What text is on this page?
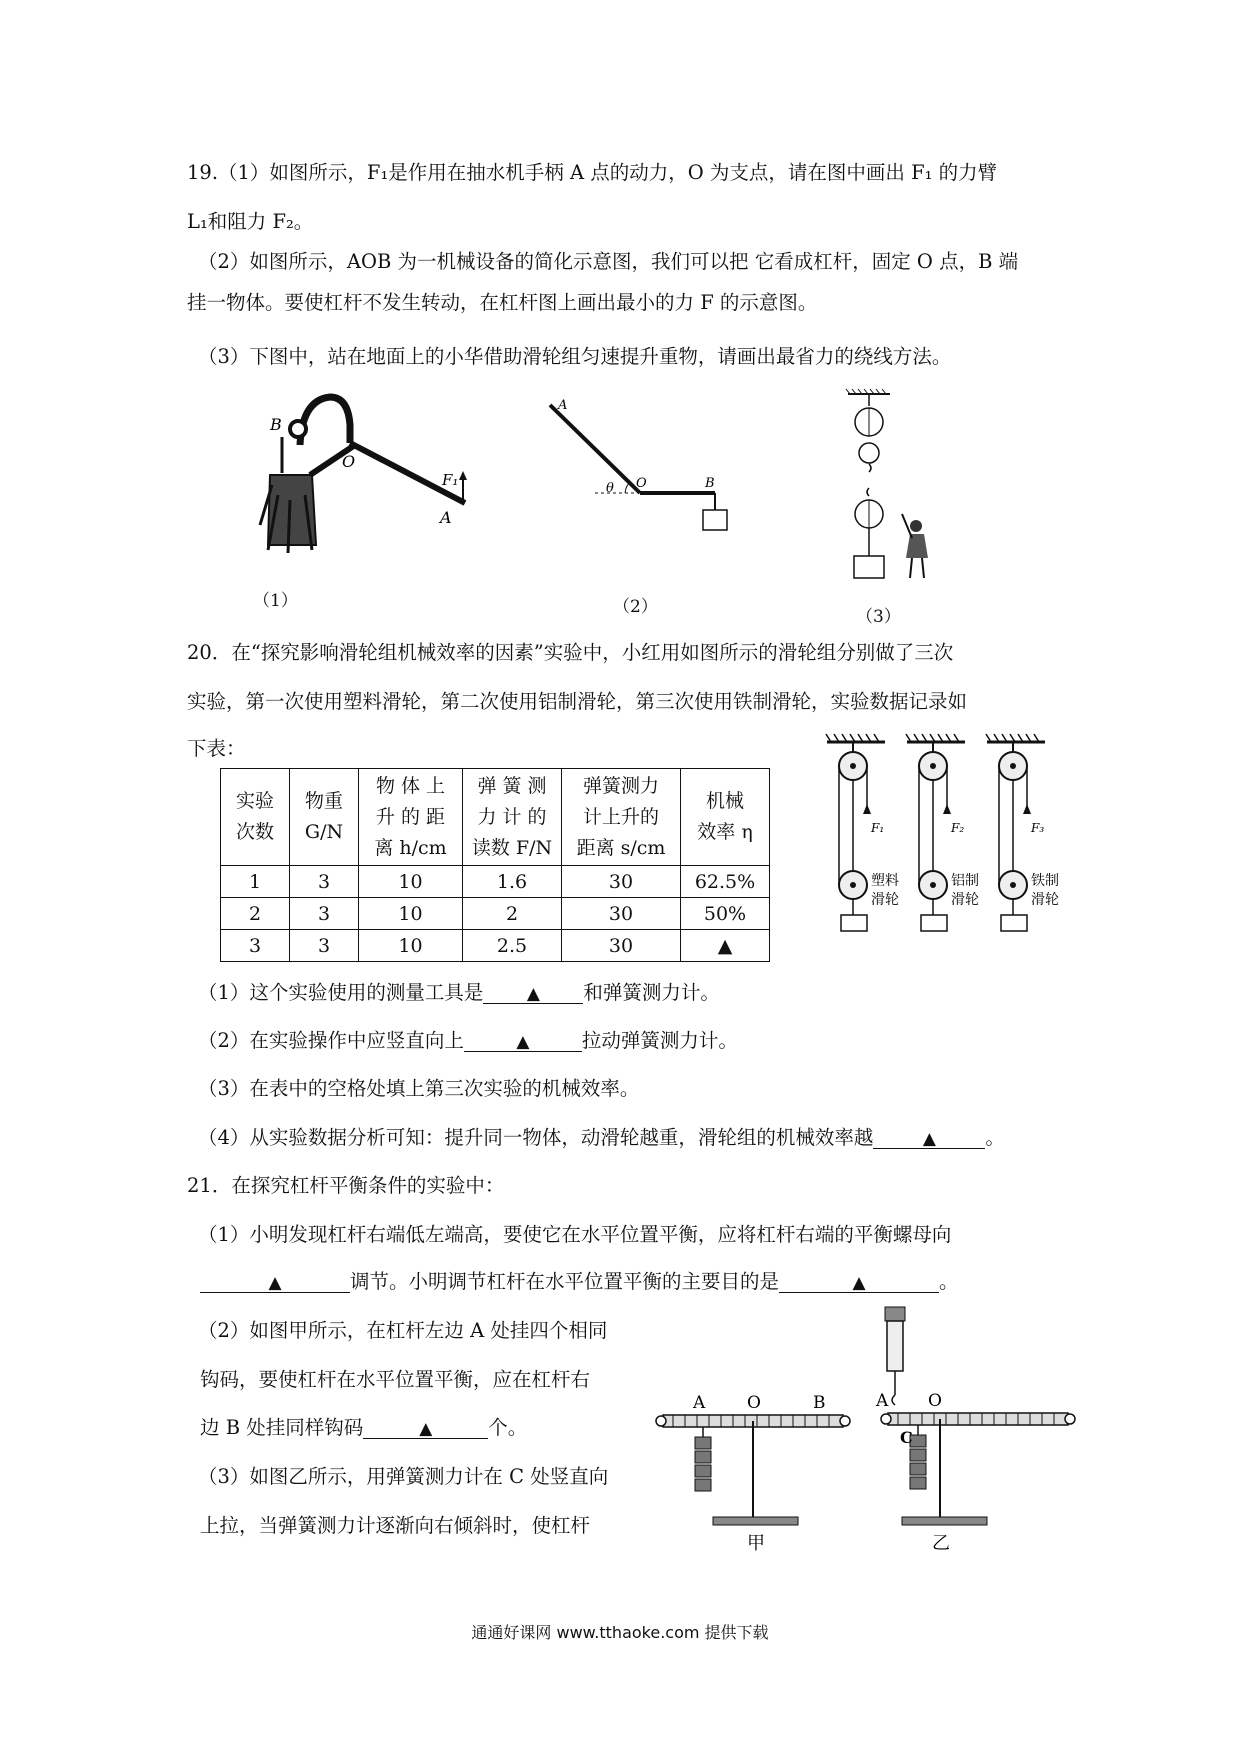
19.（1）如图所示，F₁是作用在抽水机手柄 A 点的动力，O 为支点，请在图中画出 F₁ 的力臂
L₁和阻力 F₂。
（2）如图所示，AOB 为一机械设备的简化示意图，我们可以把 它看成杠杆，固定 O 点，B 端
挂一物体。要使杠杆不发生转动，在杠杆图上画出最小的力 F 的示意图。
（3）下图中，站在地面上的小华借助滑轮组匀速提升重物，请画出最省力的绕线方法。
B
O
A
F₁
（1）
A
θ O	B
（2）	（3）
20．在“探究影响滑轮组机械效率的因素”实验中，小红用如图所示的滑轮组分别做了三次
实验，第一次使用塑料滑轮，第二次使用铝制滑轮，第三次使用铁制滑轮，实验数据记录如
下表：
实验
次数	物重
G/N	物 体 上
升 的 距
离 h/cm	弹 簧 测
力 计 的
读数 F/N	弹簧测力
计上升的
距离 s/cm	机械
效率 η
1	3	10	1.6	30	62.5%
2	3	10	2	30	50%
3	3	10	2.5	30	▲
F₁
塑料
滑轮
F₂
铝制
滑轮
F₃
铁制
滑轮
（1）这个实验使用的测量工具是	▲ 和弹簧测力计。
（2）在实验操作中应竖直向上	▲	拉动弹簧测力计。
（3）在表中的空格处填上第三次实验的机械效率。
（4）从实验数据分析可知：提升同一物体，动滑轮越重，滑轮组的机械效率越	▲	。
21．在探究杠杆平衡条件的实验中：
（1）小明发现杠杆右端低左端高，要使它在水平位置平衡，应将杠杆右端的平衡螺母向
▲	调节。小明调节杠杆在水平位置平衡的主要目的是	▲	。
（2）如图甲所示，在杠杆左边 A 处挂四个相同
钩码，要使杠杆在水平位置平衡，应在杠杆右
边 B 处挂同样钩码	▲	个。
（3）如图乙所示，用弹簧测力计在 C 处竖直向
上拉，当弹簧测力计逐渐向右倾斜时，使杠杆
A O	B
甲
A O
C
乙
通通好课网 www.tthaoke.com 提供下载
